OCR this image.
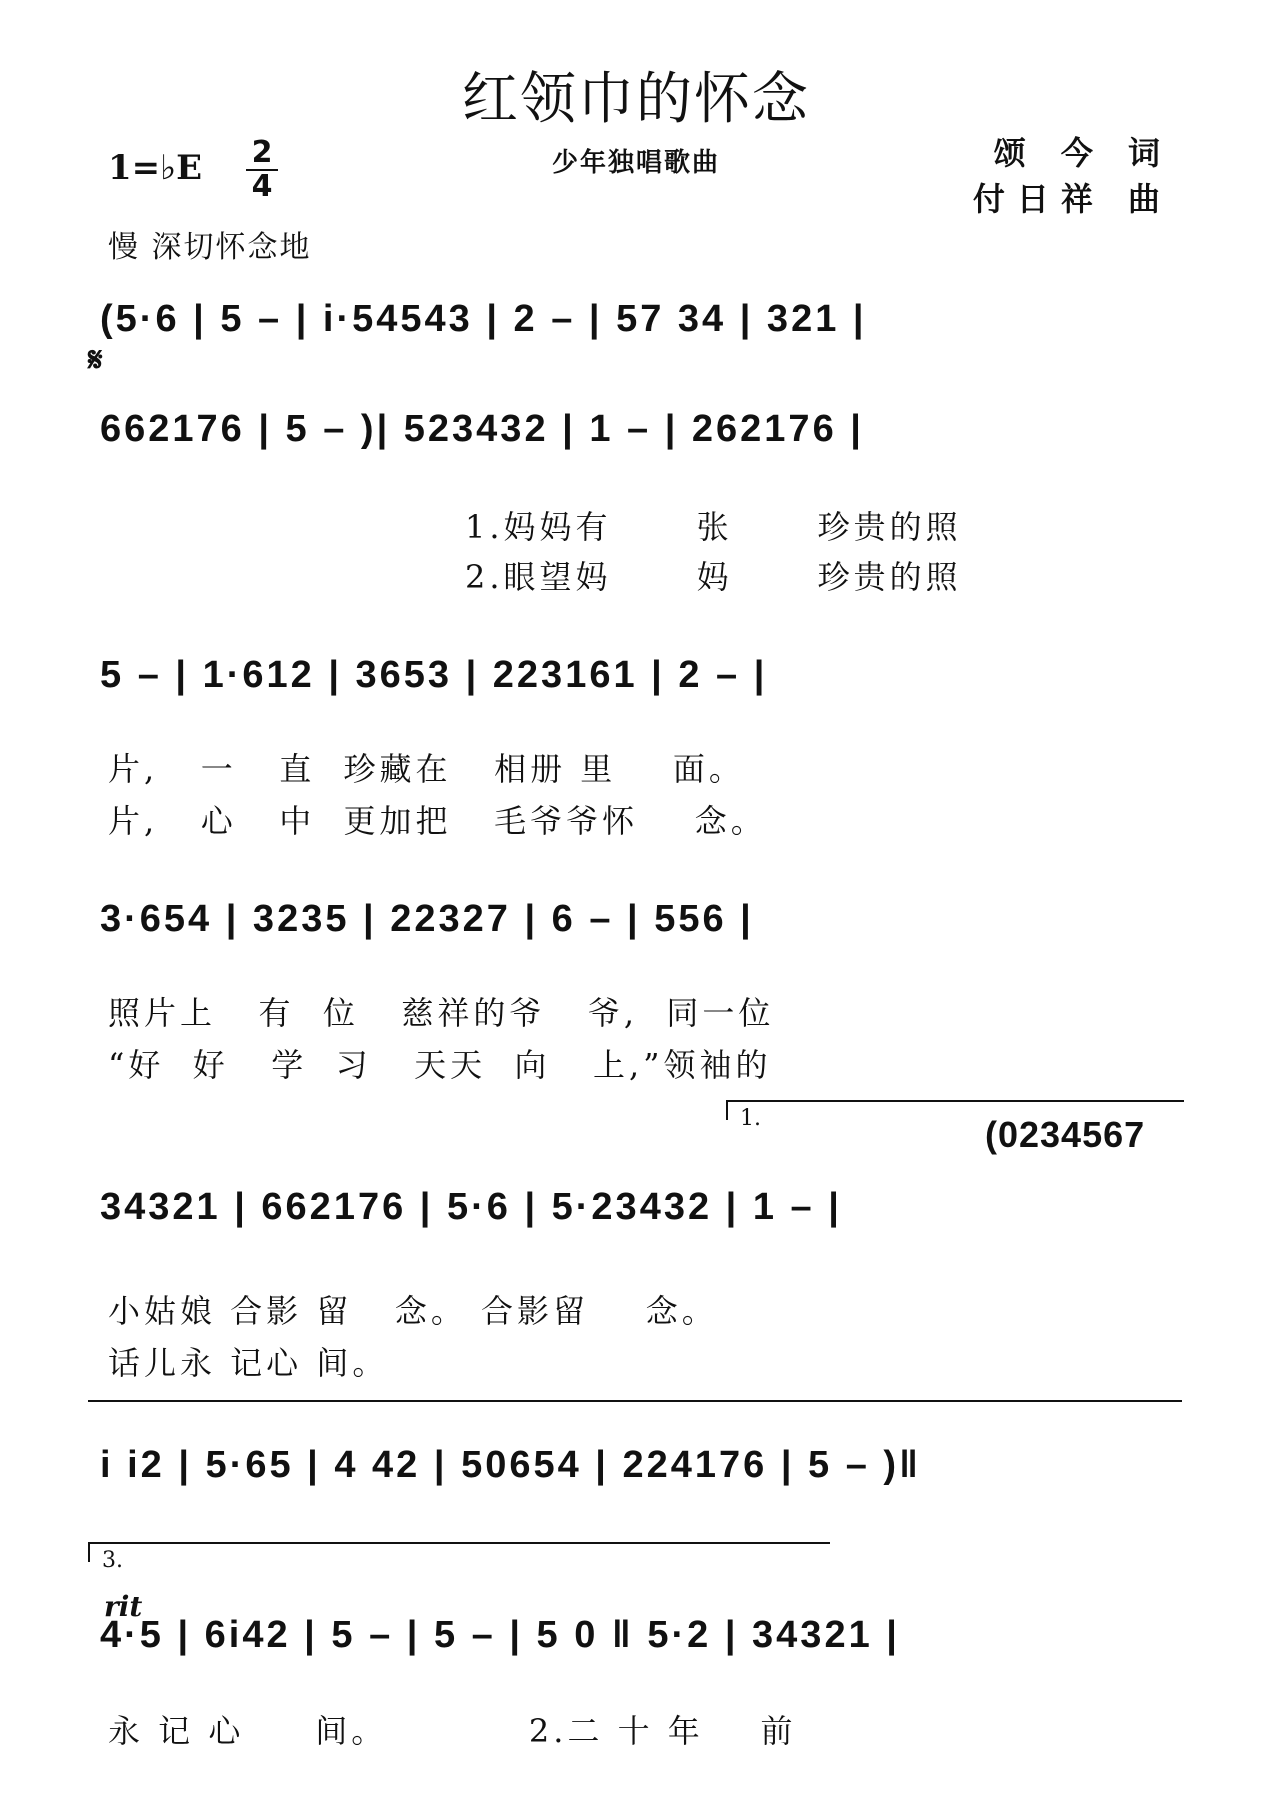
红领巾的怀念
1=♭E 2
4
少年独唱歌曲	颂 今 词
付日祥 曲
慢 深切怀念地
𝄋
(5·6 | 5 – | i·54543 | 2 – | 57 34 | 321 |
662176 | 5 – )| 523432 | 1 – | 262176 |
1.妈妈有      张      珍贵的照
2.眼望妈      妈      珍贵的照
5 – | 1·612 | 3653 | 223161 | 2 – |
片,   一   直  珍藏在   相册 里    面。
片,   心   中  更加把   毛爷爷怀    念。
3·654 | 3235 | 22327 | 6 – | 556 |
照片上   有  位   慈祥的爷   爷,  同一位
“好  好   学  习   天天  向   上,”领袖的
1.	(0234567
34321 | 662176 | 5·6 | 5·23432 | 1 – |
小姑娘 合影 留   念。 合影留    念。
话儿永 记心 间。
i i2 | 5·65 | 4 42 | 50654 | 224176 | 5 – )‖
3.
rit
4·5 | 6i42 | 5 – | 5 – | 5 0 ‖ 5·2 | 34321 |
永 记 心     间。          2.二 十 年    前
